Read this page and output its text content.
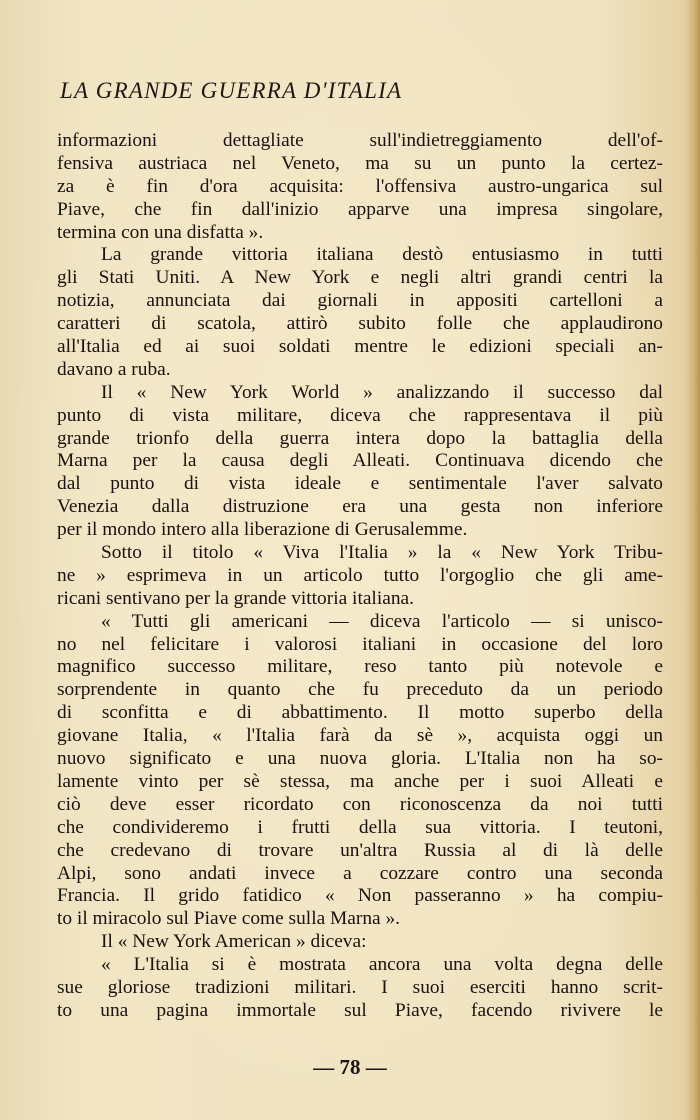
LA GRANDE GUERRA D'ITALIA
informazioni dettagliate sull'indietreggiamento dell'of-
fensiva austriaca nel Veneto, ma su un punto la certez-
za è fin d'ora acquisita: l'offensiva austro-ungarica sul
Piave, che fin dall'inizio apparve una impresa singolare,
termina con una disfatta ».
La grande vittoria italiana destò entusiasmo in tutti
gli Stati Uniti. A New York e negli altri grandi centri la
notizia, annunciata dai giornali in appositi cartelloni a
caratteri di scatola, attirò subito folle che applaudirono
all'Italia ed ai suoi soldati mentre le edizioni speciali an-
davano a ruba.
Il « New York World » analizzando il successo dal
punto di vista militare, diceva che rappresentava il più
grande trionfo della guerra intera dopo la battaglia della
Marna per la causa degli Alleati. Continuava dicendo che
dal punto di vista ideale e sentimentale l'aver salvato
Venezia dalla distruzione era una gesta non inferiore
per il mondo intero alla liberazione di Gerusalemme.
Sotto il titolo « Viva l'Italia » la « New York Tribu-
ne » esprimeva in un articolo tutto l'orgoglio che gli ame-
ricani sentivano per la grande vittoria italiana.
« Tutti gli americani — diceva l'articolo — si unisco-
no nel felicitare i valorosi italiani in occasione del loro
magnifico successo militare, reso tanto più notevole e
sorprendente in quanto che fu preceduto da un periodo
di sconfitta e di abbattimento. Il motto superbo della
giovane Italia, « l'Italia farà da sè », acquista oggi un
nuovo significato e una nuova gloria. L'Italia non ha so-
lamente vinto per sè stessa, ma anche per i suoi Alleati e
ciò deve esser ricordato con riconoscenza da noi tutti
che condivideremo i frutti della sua vittoria. I teutoni,
che credevano di trovare un'altra Russia al di là delle
Alpi, sono andati invece a cozzare contro una seconda
Francia. Il grido fatidico « Non passeranno » ha compiu-
to il miracolo sul Piave come sulla Marna ».
Il « New York American » diceva:
« L'Italia si è mostrata ancora una volta degna delle
sue gloriose tradizioni militari. I suoi eserciti hanno scrit-
to una pagina immortale sul Piave, facendo rivivere le
— 78 —
